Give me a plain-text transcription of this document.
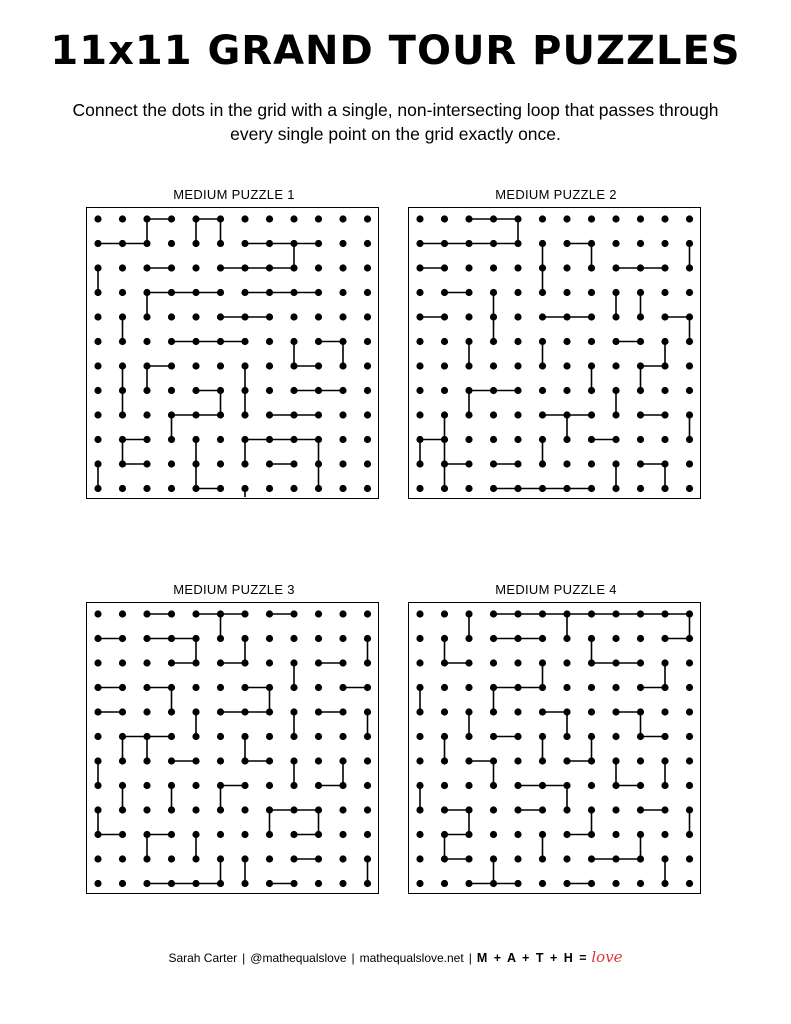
11x11 GRAND TOUR PUZZLES

Connect the dots in the grid with a single, non-intersecting loop that passes through every single point on the grid exactly once.

MEDIUM PUZZLE 1	MEDIUM PUZZLE 2
MEDIUM PUZZLE 3	MEDIUM PUZZLE 4
Sarah Carter | @mathequalslove | mathequalslove.net | M + A + T + H = love
